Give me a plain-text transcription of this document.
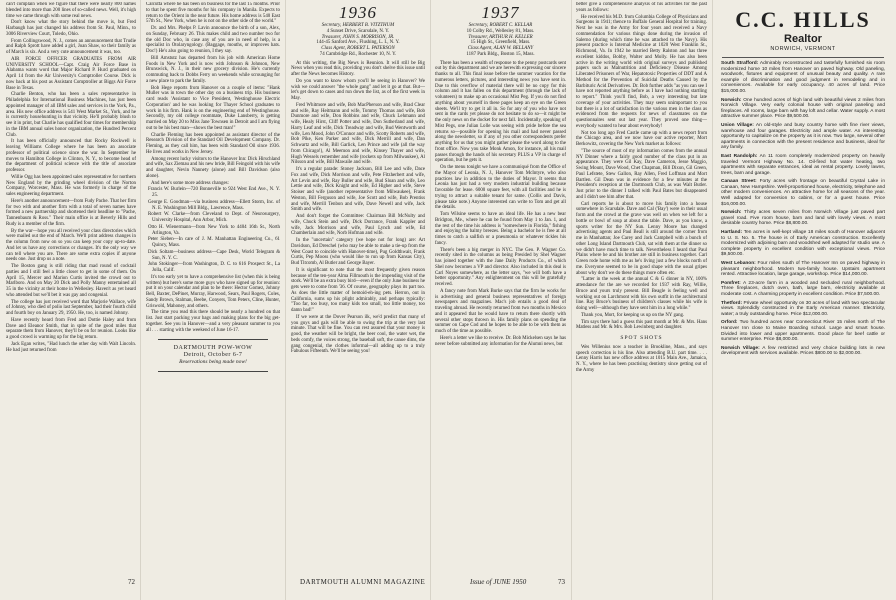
can't complain when we figure that there were nearly 800 names blended into more than 200 lines of so-called news. Well, it's high time we came through with some real news.

Don't know what the story behind the move is, but Fred Harbaugh has just changed his address from St. Paul, Minn., to 3006 Riverview Court, Toledo, Ohio.

From Collingswood, N. J., comes an announcement that Trudie and Ralph Sprott have added a girl, Joan Shaw, so their family as of March is six. And a very cute announcement it was, too.

AIR FORCE OFFICER GRADUATES FROM AIR UNIVERSITY SCHOOL—Capt. Craig Air Force Base in Alabama wants word that Major Richard P. Hurd graduated on April 14 from the Air University's Comptroller Course. Dick is now back at his post as Assistant Comptroller at Biggs Air Force Base in Texas.

Charlie Benton, who has been a sales representative in Philadelphia for International Business Machines, has just been appointed manager of all IBM sales and services in the York, Pa., area. His new office address is 541 West Market St., York, and he is currently househunting in that vicinity. He'll probably blush to see it in print, but Charlie has qualified four times for membership in the IBM annual sales honor organization, the Hundred Percent Club.

It has been officially announced that Rocky Rockwell is leaving Williams College where he has been an associate professor of political science since the war. In September he moves to Hamilton College in Clinton, N. Y., to become head of the department of political science with the title of associate professor.

Willie Ogg has been appointed sales representative for northern New England by the grinding wheel division of the Norton Company, Worcester, Mass. He was formerly in charge of the sales engineering department.

Here's another announcement—from Fudy Pache. That her firm for two with and another firm with a total of seven names have formed a new partnership and shortened their headline to "Pache, Tannenbaum & Ross." Their main office is at Beverly Hills and Rudy is a member of the firm.

By the war—hope you all received your class directories which were mailed out the end of March. We'll print address changes in the column from now on so you can keep your copy up-to-date. And let us have any corrections or changes. It's the only way we can tell where you are. There are some extra copies if anyone needs one. Just drop us a note.

The Boston gang is still riding that mad round of cocktail parties and I still feel a little closer to get in some of them. On April 15, Mercer and Marion Curtis invited the crowd out to Marlboro. And on May 20 Dick and Polly Manny entertained all 35 in the vicinity at their home in Wellesley. Haven't as yet heard who attended but we'll bet it was gay and congenial.

The college has just received word that Marjorie Wallace, wife of Johnny, who died of polio last September, had their fourth child and fourth boy on January 29, 1950. He, too, is named Johnny.

Have recently heard from Fred and Dottie Haley and from Dave and Eleanor Smith, that in spite of the good miles that separate them from Hanover, they'll be on for reunion. Looks like a good crowd is warming up for the big return.

Jack Egan writes, "Had lunch the other day with Walt Lincoln. He had just returned from

Calcutta where he has been on business for the last 15 months. Prior to that he spent five months for his company in Manila. Expects to return to the Orient in the near future. His home address is 540 East 57th St., New York, when he is not on the other side of the world."

Dr. and Mrs. Phelps P. Lavin announce the birth of a son, Alex, on Sunday, February 26. This makes child and two number two for the old Doc who, in case any of you are in need of help, is a specialist in Otolaryngology. (Baggage, mouths, or improves hats. Doc!) He's also going to reunion, I they say.

Bill Amstutz has departed from his job with American Home Foods in New York and is now with Johnson & Johnson, New Brunswick, N. J., in their new grocery division. He's currently commuting back to Dobbs Ferry on weekends while scrounging for a new place to park the family.

Bob Hege reports from Hanover on a couple of items: "Hank Muller was in town the other day on a business trip. His business card reads 'Assistant to Vice President, Westinghouse Electric Corporation' and he was looking for Thayer School graduates to work in his firm. Hank is on the engineering end of Westinghouse. Secondly, my old college roommate, Duke Lansberry, is getting married on May 20 to Miss Jane Townsen in Detroit and I am flying out to be his best man—shows the best man!"

Charlie Fleming has been appointed as assistant director of the Research Division of the Standard Oil Development Company. Dr. Fleming, as they call him, has been with Standard Oil since 1936. He lives and works in New Jersey.

Among recent lucky visitors to the Hanover Inn: Dick Hirschland and wife, Sax Ziemau and his new bride, Bill Feingold with his wife and daughter, Nevin Nannety (alone) and Bill Davidson (also alone).

And here's some more address changes:

Francis W. Burlein—720 Bonneville to 924 West End Ave., N. Y. 25.

George E. Goodman—via business address—Ellett Storm, Inc. of N. E. Washington Mill Bldg., Lawrence, Mass.

Robert W. Clarke—from Cleveland to Dept. of Neurosurgery, University Hospital, Ann Arbor, Mich.

Otto H. Wienermann—from New York to 4404 16th St., North Arlington, Va.

Peter Sieben—In care of J. M. Manhattan Engineering Co., 61 Quincy, Mass.

Dick Soltam—business address—Cape Desk, World Telegram & Sun, N. Y. C.

John Stokinger—from Washington, D. C. to 616 Prospect St., La Jolla, Calif.

It's too early yet to have a comprehensive list (when this is being written) but here's some more guys who have signed up for reunion: put it on your calendar and plan to be there: Hector Gomez, Johnny Bell, Baxter, DePinet, Murray, Harwood, Sears, Paul Rogers, Coles, Sandy Brown, Stalman, Beebe, Conyers, Tom Peters, Cline, Hunter, Griswold, Mahoney, and others.

The time you read this there should be nearly a hundred on that list. Just start packing your bags and making plans for the big get-together. See you in Hanover—and a very pleasant summer to you all . . . starting with the weekend of June 16-17.

DARTMOUTH POW-WOW
Detroit, October 6-7
Reservations being made now!
1936
Secretary, HERBERT B. VITZTHUM
4 Sunset Drive, Scarsdale, N. Y.
Treasurer, JOHN S. MORRISON, JR.
144-45 Sanford Ave., Flushing, L. I., N. Y.
Class Agent, ROBERT L. PATERSON
74 Cambridge Rd., Rochester 10, N. Y.

At this writing, the Big News is Reunion. It will still be Big News when you read this, providing you don't shelve this issue until after the News becomes History.

Do you want to know whom you'll be seeing in Hanover? We wish we could answer "the whole gang" and let it go at that. But—let's get down to cases and run down the list, as of the first week in May.

Fred Whitmore and wife, Bob MacPherson and wife, Brad Clear and wife, Ray Heitmann and wife, Tommy Thomas and wife, Bob Dunmore and wife, Don Robbins and wife, Chuck Lehmann and wife, Healy Hirst, Cliff Potter and wife, Don Sutherland and wife, Harry Leaf and wife, Dick Treadway and wife, Bud Wentworth and wife, Len Mood, John O'Connor and wife, Scotty Roberts and wife, Bob Pike, Ken Parker and wife, Dick Merrill and wife, Dan Schwartz and wife, Bill Garlick, Len Prince and wife (all the way from Chicago!), Al Meemon and wife, Kinsey Thayer and wife, Hugh Wessels remember and wife (rockets up from Milwaukee), Al Nilsson and wife, Bill Mawaile and wife.

It's a regular parade: Stoney Jackson, Bill Lee and wife, Dace Fox and wife, Dick Morrison and wife, Pete Fitzherbert and wife, Art Levin and wife, Ray Buller and wife, Bud Sloan and wife, Leo Lettie and wife, Dick Knight and wife, Ed Higher and wife, Steve Stoiser and wife (another representative from Milwaukee), Frank Weston, Bill Ferguson and wife, Joe Scott and wife, Bob Prentiss and wife, Merrill Tenbon and wife, Dave Newell and wife, Jack Smith and wife.

And don't forget the Committee: Chairman Bill McNulty and wife, Chuck Stein and wife, Dick Dorrance, Frank Kappler and wife, Jack Morrison and wife, Paul Lynch and wife, Ed Chamberlain and wife, Norb Hofman and wife.

In the "uncertain" category (we hope not for long) are: Art Davidson, Ed Dreschel (who may be able to make a tie-up from the West Coast to coincide with Hanover-time), Pug Goldthwait, Frank Curtis, Pep Mooss (who would like to run up from Kansas City), Bud Titcomb, Al Butler and George Bayer.

It is significant to note that the most frequently given reason because of the ten-year Alma Fillmouth is the impending visit of the stork. We'll be an extra busy bird—even if the only June business he gets were to come from '36. Of course, geography plays its part too. As does the little matter of hemoid-eh-ing pets. Herron, out in California, sums up his plight admirably, and perhaps typically: "Too far, too busy, too many kids too small, too little money, too damn bad!"

If we were at the Dover Pearson ilk, we'd predict that many of you guys and gals will be able to swing the trip at the very last minute. That will be fine. You can rest assured that your money is good, the weather will be bright, the beer cool, the water wet, the beds comfy, the voices strong, the baseball soft, the canoe dims, the gang congenial, the clothes informal—all adding up to a truly Fabulous Fifteenth. We'll be seeing you!

1937
Secretary, ROBERT C. KELLAR
10 Colby Rd., Wellesley 81, Mass.
Treasurer, ARTHUR H. KELLER
15 High St., Greenfield, Mass.
Class Agent, ALAN W. BELLANY
1187 Park Bldg., Boston 15, Mass.

There has been a wealth of response to the penny postcards sent out by this department and we are herewith expressing our sincere thanks to all. This final issue before the summer vacation for the numerous letters, pictures, and interesting news you have sent in. Due to this overflow of material there will be no copy for this column and it has fallen on this department (through the lack of volunteers) to make up an occasional Mist Peg. If you do not find anything about yourself in these pages keep an eye on the Green sheets. We'll try to get it all in. So for any of you who have not sent in the cards yet please do not hesitate to do so—it might be the only news on the docket for next fall. Incidentally, speaking of Mist Pegs, one Julian Lolle was seeing with pride before the sea returns so—possible for opening his mail and had never passed along the newsletter, so if any of you other correspondents prefer anything for us that you might gather please the word along to the front office. Now you take Monk Amon, for instance, all his mail passes through the hands of his secretary PLUS a VP in charge of operation, but he gets it.

On the menu tonight we have a communiqué from the Office of the Mayor of Leonia, N. J., Hanover Tom McIntyre, who also practices law in addition to the duties of Mayor. It seems that Leonia has just had a very modern industrial building because favorable for lease. 6000 square feet, with all facilities and he is trying to attract a suitable tenant for same. (Collis and Davis, please take note.) Anyone interested can write to Tom and get all the details.

Tom Wilsine seems to have an ideal life. He has a new bear Bridgton, Me., where he can be found from May 1 to Jan. 1, and the rest of the time his address is "somewhere in Florida," fishing and enjoying the balmy breezes. Being a bachelor he is free at all times to catch a sailfish or a pneumonia or whatever tickles his fancy.

There's been a big merger in NYC. The Geo. P. Wagner Co. recently sited in the columns as being Presided by Shel Wagner has joined together with the Jane Daily Products Co., of which Shel now becomes a VP and director. Also included in this deal is Carl Noyes somewhere, as the letter says, "we will both have a better opportunity." Any enlightenment on this will be gratefully received.

A fancy note from Mark Burke says that the firm he works for is advertising and general business representatives of foreign newspapers and magazines. Mac's job entails a good deal of traveling abroad. He recently returned from two months in Mexico and it appeared that he would have to return there shortly with several other stops thrown in. His family plans on spending the summer on Cape Cod and he hopes to be able to be with them as much of the time as possible.

Here's a letter we like to receive. Dr. Bob Mickelsen says he has never before submitted any information for the Alumni news, but

better give a comprehensive analysis of his activities for the past years as follows:

He received his M.D. from Columbia College of Physicians and Surgeons in 1941; thence to Buffalo General Hospital for training. Next he was in the Army for four years and received a Navy commendation for various things done during the invasion of Salerno (during which time he was attached to the Navy). His present practice is Internal Medicine at 1020 West Franklin St., Richmond, Va. In 1942 he married Betty Ralston and has three excellent kiddos, Bobby, Walter and Molly. He has also been active in the writing world with original surveys and published papers such as Malnutrition and Deficiency Disease Among Liberated Prisoners of War, Hepatotoxic Properties of DDT and A Method for the Prevention of Suicidal Deaths Caused by the Barbituric Acid Derivatives. Dr. Bob further adds "as you can see I have not reported anything before as I have had nothing startling to report." Think you'll find, Bob, a very interesting but late coverage of your activities. They may seem unimportant to you but there is a lot of satisfaction in the various men in the class as evidenced from the requests for news of classmates on the questionnaires sent out last year. They proved one thing—everybody wanted to hear about everybody!

Not too long ago Fred Castle came up with a news report from the Chicago area, and we now have our active reporter, Mort Berkowitz, covering the New York market as follows:

"The source of most of my information comes from the annual NY Dinner where a fairly good number of the class put in an appearance. They were Gil Kay, Dave Cameron, Jesse Maggio, Swing Mount, Dave Wood, Chet Chapman, Bill Dixon, Gil Green, Paul Lefstete, Stew Gallon, Ray Allen, Fred Loffman and Mort Bartlen. Gil Dean was in evidence for a few minutes at the President's reception at the Dartmouth Club, as was Walt Butler. Just prior to the dinner I talked with Paul Bates but disappeared and I didn't see him after that.

Carl reports he is about to move his family into a house somewhere in Scarsdale. Dave and Cal ('Bay') were in their usual form and the crowd at the grave was well on when we left for a bottle or bowl of soup at about the table. Dave, as you know, a sports writer for the NY Sun. Lenny Moore has changed advertising agents and Paul Beall is still around the corner from me in Manhattan; Joe Carey and Jack Campbell with a bunch of other Long Island Dartmouth Club, sat with them at the dinner so we didn't have much time to talk. Nevertheless I heard that Paul Plains where he and his brother are still in business together. Carl Green rode home with me as he's living just a few blocks north of me. Everyone seemed to be in good shape with the usual gripes about why don't we do these things more often etc.

"Latter in the week at the annual C & G dinner in NY, 100% attendance for the are we recorded for 1937 with Ray, Willie, Bruce and yours truly present. Bill Beagle is feeling well and working out on Larchmont with his own outfit in the architectural line. Ray Bruce's business of children's classes while his wife is doing well—although they have sent him in a long while."

Thank you, Mort, for keeping us up on the NY gang.

Tim says there had a guess this past month at Mr. & Mrs. Hans Matless and Mr. & Mrs. Bob Lewinberg and daughter.

SPOT SHOTS

Wes Willenius now a teacher in Brookline, Mass., and says speech correction is his line. Also attending B.U. part time. . . . Lenny Harris has new office address at 1015 Main Ave., Jamaica, N. Y., where he has been practising dentistry since getting out of the Army

C.C. HILLS
Realtor
NORWICH, VERMONT
South Strafford: Admirably reconstructed and tastefully furnished six room modernized home 10 miles from Hanover on paved highway. Old paneling, woodwork, fixtures and equipment of unusual beauty and quality. A rare example of discrimination and good judgment in remodeling and in conveniences. Available for early occupancy. 40 acres of land. Price $15,000.00.
Norwich: One hundred acres of high land with beautiful views 2 miles from Norwich Village. Very early colonial house with original paneling and fireplaces. All rooms, large barn with hay loft and cellar. Water supply. A most attractive summer place. Price $9,500.00.
Union Village: An old-style and busy country home with fine river views, warehouse and four garages. Electricity and ample water. An interesting opportunity to capitalize on the property as it is now. Two large, several other apartments in connection with the present residence and business, ideal for any family.
East Randolph: An 11 room completely modernized property on heavily traveled Vermont Highway No. 14. Oil-fired hot water heating, two apartments with separate entrances, ideal as rental property. Lovely lawns, trees, barn and garage.
Canaan Street: Forty acres with frontage on beautiful Crystal Lake in Canaan, New Hampshire. Well-proportioned house, electricity, telephone and other modern conveniences. An attractive home for all seasons of the year. Well adapted for conversion to cabins, or for a guest house. Price $16,000.00.
Norwich: Thirty acres seven miles from Norwich Village just paved part gravel road. Five room house, barn and land with lovely views. A most desirable country home. Price $8,800.00.
Hartland: Ten acres in well-kept village 18 miles south of Hanover adjacent to U. S. No. 5. The house is of Early American construction. Excellently modernized with adjoining barn and woodshed well adapted for studio use. A complete property in excellent condition with exceptional views. Price $9,500.00.
West Lebanon: Four miles south of The Hanover Inn on paved highway in pleasant neighborhood. Modern two-family house. Upstairs apartment rented. Attractive location, large garage, workshop. Price $14,000.00.
Pomfret: A 23-acre farm in a wooded and secluded rural neighborhood. Three fireplaces, dutch oven, bath, large barn, electricity available at moderate cost. A charming property in excellent condition. Price $7,500.00.
Thetford: Private wheel opportunity on 30 acres of land with two spectacular views. Splendidly constructed in the Early American manner. Electricity, water; a truly outstanding home. Price $12,000.00.
Orford: Two hundred acres near Connecticut River 15 miles north of The Hanover Inn close to Maine Boarding school. Large and smart house. Divided into lower and upper apartments. Good place for beef cattle or summer enterprise. Price $8,000.00.
Norwich Village: A few restricted and very choice building lots in new development with services available. Prices $800.00 to $2,000.00.
72	DARTMOUTH ALUMNI MAGAZINE	Issue of JUNE 1950	73
